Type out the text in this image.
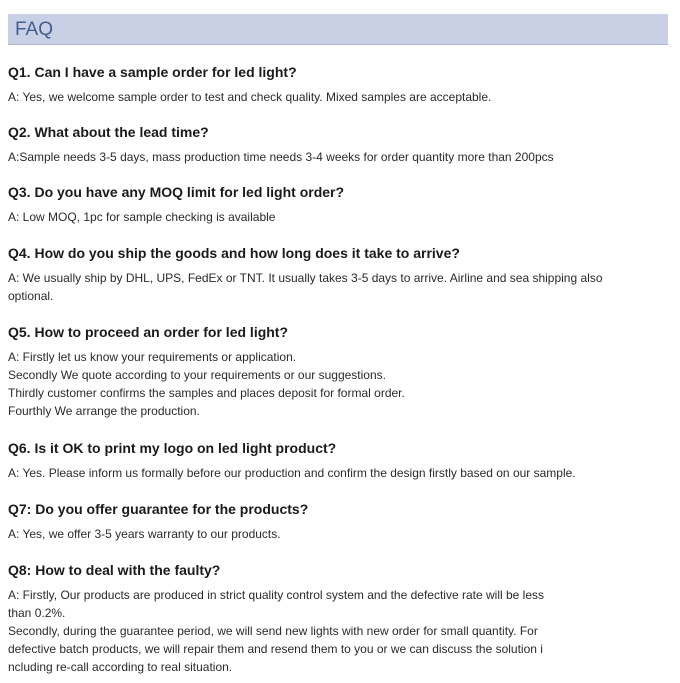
FAQ
Q1. Can I have a sample order for led light?
A: Yes, we welcome sample order to test and check quality. Mixed samples are acceptable.
Q2. What about the lead time?
A:Sample needs 3-5 days, mass production time needs 3-4 weeks for order quantity more than 200pcs
Q3. Do you have any MOQ limit for led light order?
A: Low MOQ, 1pc for sample checking is available
Q4. How do you ship the goods and how long does it take to arrive?
A: We usually ship by DHL, UPS, FedEx or TNT. It usually takes 3-5 days to arrive. Airline and sea shipping also
optional.
Q5. How to proceed an order for led light?
A: Firstly let us know your requirements or application.
Secondly We quote according to your requirements or our suggestions.
Thirdly customer confirms the samples and places deposit for formal order.
Fourthly We arrange the production.
Q6. Is it OK to print my logo on led light product?
A: Yes. Please inform us formally before our production and confirm the design firstly based on our sample.
Q7: Do you offer guarantee for the products?
A: Yes, we offer 3-5 years warranty to our products.
Q8: How to deal with the faulty?
A: Firstly, Our products are produced in strict quality control system and the defective rate will be less
than 0.2%.
Secondly, during the guarantee period, we will send new lights with new order for small quantity. For
defective batch products, we will repair them and resend them to you or we can discuss the solution i
ncluding re-call according to real situation.
